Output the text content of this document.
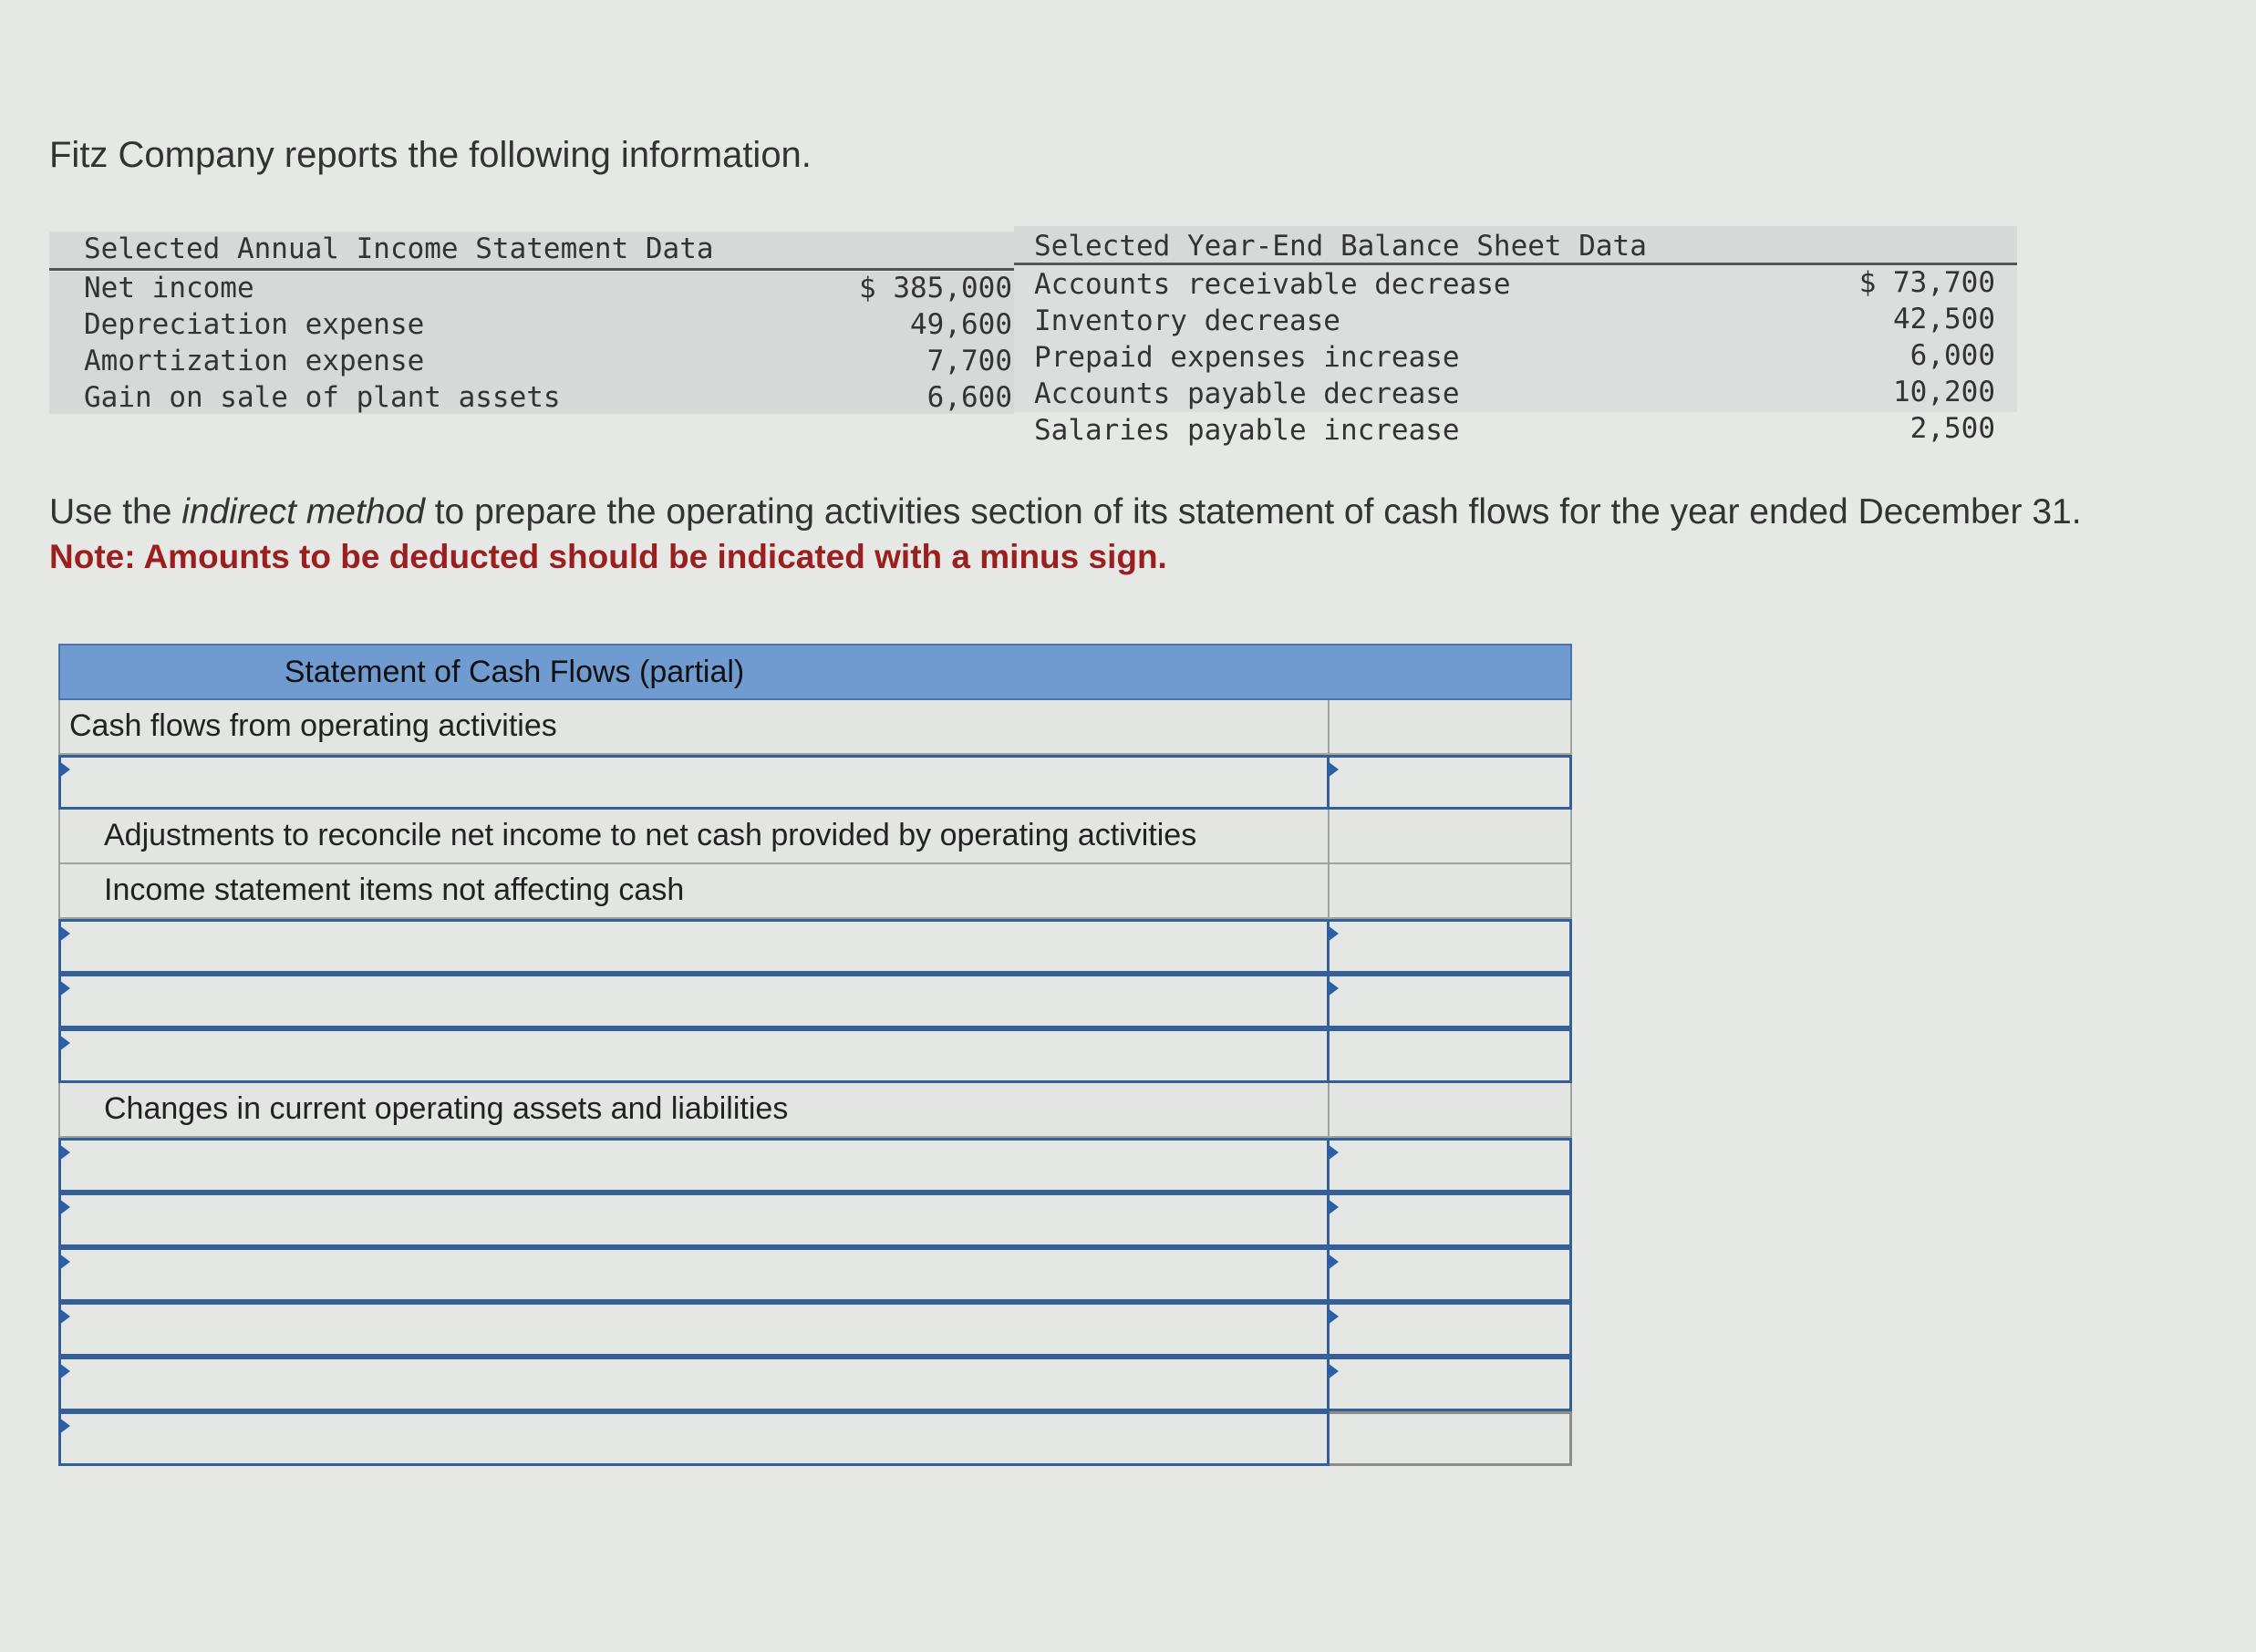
Fitz Company reports the following information.
Selected Annual Income Statement Data
Net income	$ 385,000
Depreciation expense	49,600
Amortization expense	7,700
Gain on sale of plant assets	6,600
Selected Year-End Balance Sheet Data
Accounts receivable decrease	$ 73,700
Inventory decrease	42,500
Prepaid expenses increase	6,000
Accounts payable decrease	10,200
Salaries payable increase	2,500
Use the indirect method to prepare the operating activities section of its statement of cash flows for the year ended December 31.
Note: Amounts to be deducted should be indicated with a minus sign.
Statement of Cash Flows (partial)
Cash flows from operating activities
Adjustments to reconcile net income to net cash provided by operating activities
Income statement items not affecting cash
Changes in current operating assets and liabilities
